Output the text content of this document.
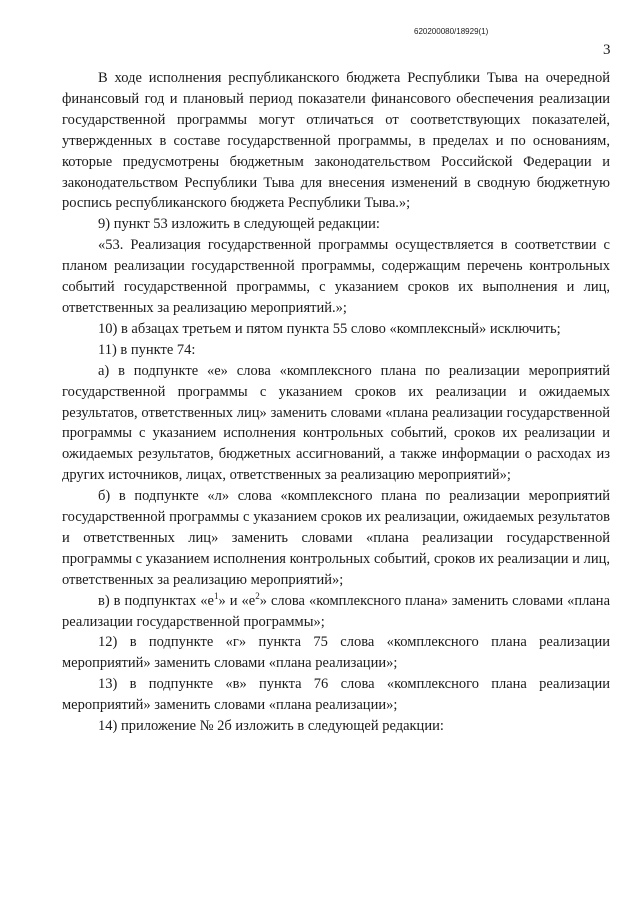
620200080/18929(1)
3

В ходе исполнения республиканского бюджета Республики Тыва на очередной финансовый год и плановый период показатели финансового обеспечения реализации государственной программы могут отличаться от соответствующих показателей, утвержденных в составе государственной программы, в пределах и по основаниям, которые предусмотрены бюджетным законодательством Российской Федерации и законодательством Республики Тыва для внесения изменений в сводную бюджетную роспись республиканского бюджета Республики Тыва.»;

9) пункт 53 изложить в следующей редакции:

«53. Реализация государственной программы осуществляется в соответствии с планом реализации государственной программы, содержащим перечень контрольных событий государственной программы, с указанием сроков их выполнения и лиц, ответственных за реализацию мероприятий.»;

10) в абзацах третьем и пятом пункта 55 слово «комплексный» исключить;

11) в пункте 74:

а) в подпункте «е» слова «комплексного плана по реализации мероприятий государственной программы с указанием сроков их реализации и ожидаемых результатов, ответственных лиц» заменить словами «плана реализации государственной программы с указанием исполнения контрольных событий, сроков их реализации и ожидаемых результатов, бюджетных ассигнований, а также информации о расходах из других источников, лицах, ответственных за реализацию мероприятий»;

б) в подпункте «л» слова «комплексного плана по реализации мероприятий государственной программы с указанием сроков их реализации, ожидаемых результатов и ответственных лиц» заменить словами «плана реализации государственной программы с указанием исполнения контрольных событий, сроков их реализации и лиц, ответственных за реализацию мероприятий»;

в) в подпунктах «$е^1$» и «$е^2$» слова «комплексного плана» заменить словами «плана реализации государственной программы»;

12) в подпункте «г» пункта 75 слова «комплексного плана реализации мероприятий» заменить словами «плана реализации»;

13) в подпункте «в» пункта 76 слова «комплексного плана реализации мероприятий» заменить словами «плана реализации»;

14) приложение № 2б изложить в следующей редакции:
